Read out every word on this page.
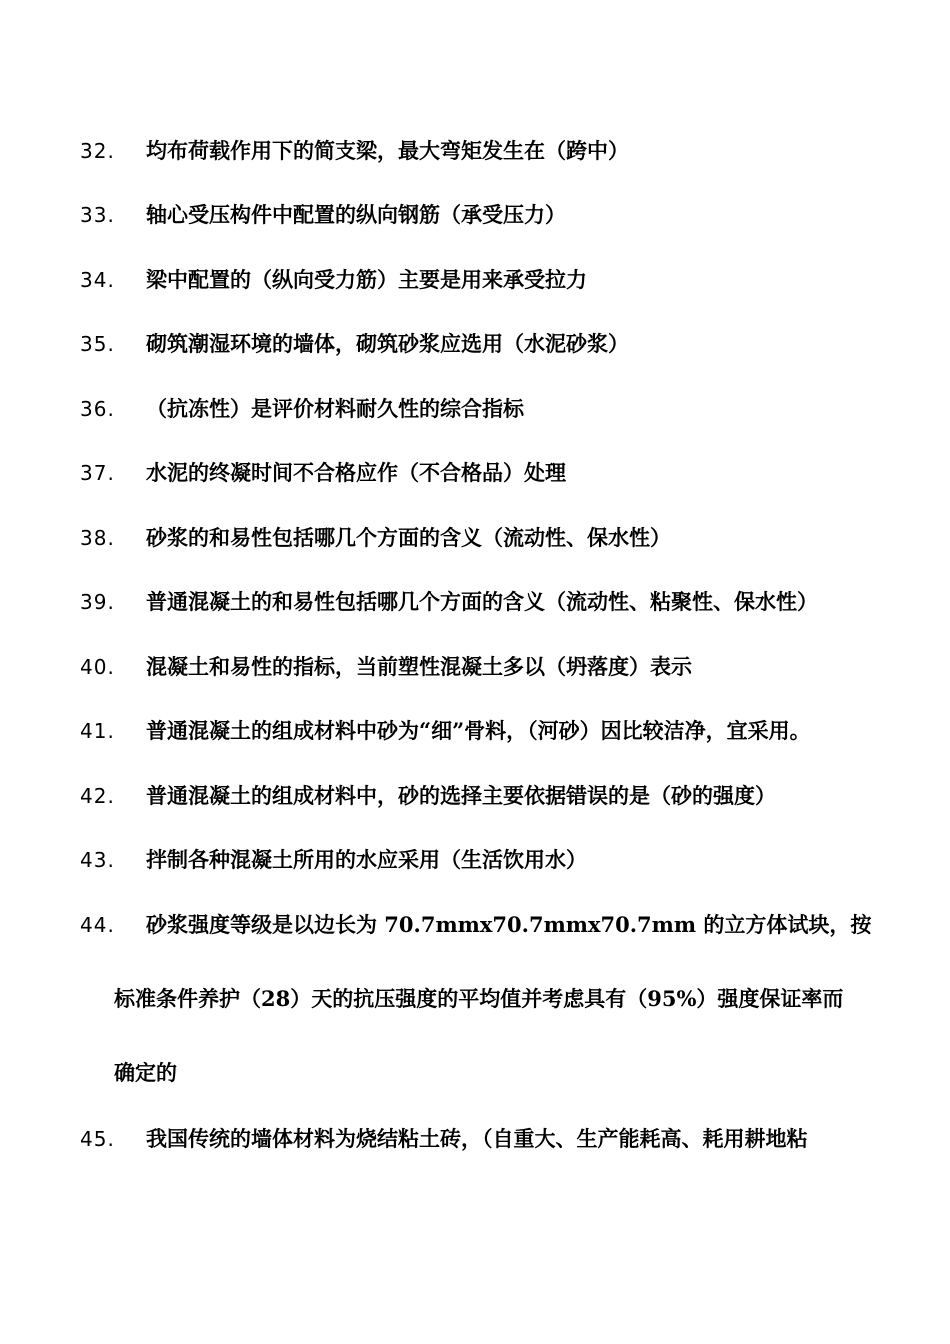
32. 均布荷载作用下的简支梁，最大弯矩发生在（跨中）
33. 轴心受压构件中配置的纵向钢筋（承受压力）
34. 梁中配置的（纵向受力筋）主要是用来承受拉力
35. 砌筑潮湿环境的墙体，砌筑砂浆应选用（水泥砂浆）
36. （抗冻性）是评价材料耐久性的综合指标
37. 水泥的终凝时间不合格应作（不合格品）处理
38. 砂浆的和易性包括哪几个方面的含义（流动性、保水性）
39. 普通混凝土的和易性包括哪几个方面的含义（流动性、粘聚性、保水性）
40. 混凝土和易性的指标，当前塑性混凝土多以（坍落度）表示
41. 普通混凝土的组成材料中砂为“细”骨料，（河砂）因比较洁净，宜采用。
42. 普通混凝土的组成材料中，砂的选择主要依据错误的是（砂的强度）
43. 拌制各种混凝土所用的水应采用（生活饮用水）
44. 砂浆强度等级是以边长为 70.7mmx70.7mmx70.7mm 的立方体试块，按
标准条件养护（28）天的抗压强度的平均值并考虑具有（95%）强度保证率而
确定的
45. 我国传统的墙体材料为烧结粘土砖，（自重大、生产能耗高、耗用耕地粘
